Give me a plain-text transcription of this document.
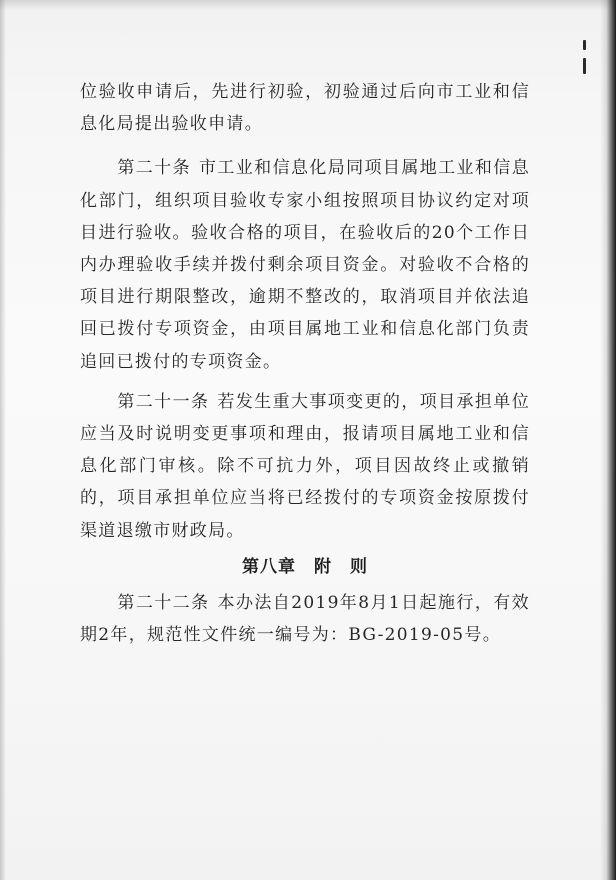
位验收申请后，先进行初验，初验通过后向市工业和信息化局提出验收申请。

第二十条 市工业和信息化局同项目属地工业和信息化部门，组织项目验收专家小组按照项目协议约定对项目进行验收。验收合格的项目，在验收后的20个工作日内办理验收手续并拨付剩余项目资金。对验收不合格的项目进行期限整改，逾期不整改的，取消项目并依法追回已拨付专项资金，由项目属地工业和信息化部门负责追回已拨付的专项资金。

第二十一条 若发生重大事项变更的，项目承担单位应当及时说明变更事项和理由，报请项目属地工业和信息化部门审核。除不可抗力外，项目因故终止或撤销的，项目承担单位应当将已经拨付的专项资金按原拨付渠道退缴市财政局。

第八章　附　则

第二十二条 本办法自2019年8月1日起施行，有效期2年，规范性文件统一编号为：BG-2019-05号。
